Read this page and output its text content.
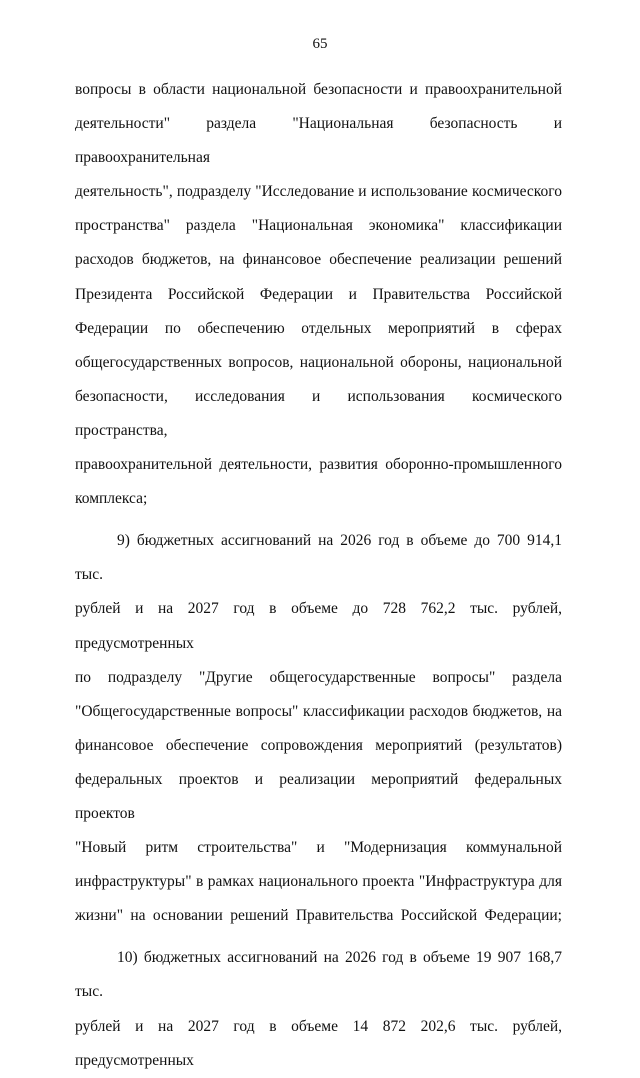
65

вопросы в области национальной безопасности и правоохранительной

деятельности" раздела "Национальная безопасность и правоохранительная

деятельность", подразделу "Исследование и использование космического

пространства" раздела "Национальная экономика" классификации

расходов бюджетов, на финансовое обеспечение реализации решений

Президента Российской Федерации и Правительства Российской

Федерации по обеспечению отдельных мероприятий в сферах

общегосударственных вопросов, национальной обороны, национальной

безопасности, исследования и использования космического пространства,

правоохранительной деятельности, развития оборонно-промышленного

комплекса;

9) бюджетных ассигнований на 2026 год в объеме до 700 914,1 тыс.

рублей и на 2027 год в объеме до 728 762,2 тыс. рублей, предусмотренных

по подразделу "Другие общегосударственные вопросы" раздела

"Общегосударственные вопросы" классификации расходов бюджетов, на

финансовое обеспечение сопровождения мероприятий (результатов)

федеральных проектов и реализации мероприятий федеральных проектов

"Новый ритм строительства" и "Модернизация коммунальной

инфраструктуры" в рамках национального проекта "Инфраструктура для

жизни" на основании решений Правительства Российской Федерации;

10) бюджетных ассигнований на 2026 год в объеме 19 907 168,7 тыс.

рублей и на 2027 год в объеме 14 872 202,6 тыс. рублей, предусмотренных
